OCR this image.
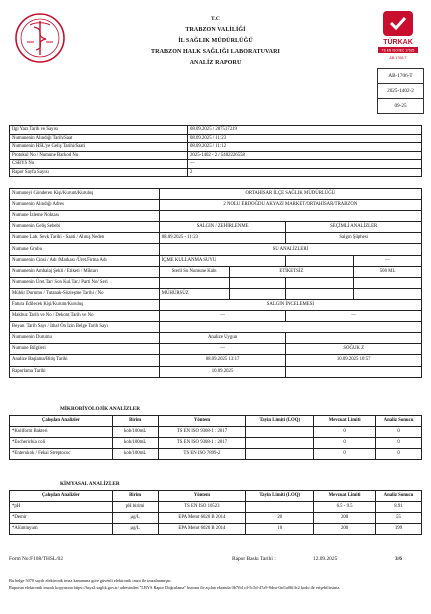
T.C
TRABZON VALİLİĞİ
İL SAĞLIK MÜDÜRLÜĞÜ
TRABZON HALK SAĞLIĞI LABORATUVARI
ANALİZ RAPORU
TÜRKAK
TS EN ISO/IEC 17025
AB-1706-T
AB-1706-T
2025-1402-2
09-25
İlgi Yazı Tarih ve Sayısı	08.09.2025 / 287517219
Numunenin Alındığı Tarih/Saat	08.09.2025 / 11:23
Numunenin HSL'ye Geliş Tarihi/Saati	08.09.2025 / 11:12
Protokol No / Numune Barkod No	2025-1402 - 2 / 5402226558
CSBYS No	—
Rapor Sayfa Sayısı	2
Numuneyi Gönderen Kişi/Kurum/Kuruluş	ORTAHİSAR İLÇE SAĞLIK MÜDÜRLÜĞÜ			
Numunenin Alındığı Adres	2 NOLU ERDOĞDU AKYAZI MARKET/ORTAHİSAR/TRABZON			
Numune İzleme Noktası				
Numunenin Geliş Sebebi	SALGIN / ZEHİRLENME		SEÇİMLİ ANALİZLER	
Numune Lab. Sevk Tarihi - Saati / Alınış Neden	08.09.2025 - 11:23		Salgın Şüphesi	
Numune Grubu	SU ANALİZLERİ			
Numunenin Cinsi / Adı /Markası /Üret.Firma Adı	İÇME KULLANMA SUYU			—
Numunenin Ambalaj Şekli / Etiketi / Miktarı	Steril Su Numune Kabı	ETİKETSİZ		500 ML
Numunenin Üret.Tar/ Son Kul.Tar./ Parti No/ Seri				
Mühür Durumu / Tutanak-Sözleşme Tarihi / No	MÜHÜRSÜZ			
Fatura Edilecek Kişi/Kurum/Kuruluş	SALGIN İNCELEMESİ			
Makbuz Tarih ve No / Dekont Tarih ve No	—		—	
Beyan. Tarih Sayı / İthal Ön İzin Belge Tarih Sayı				
Numunenin Durumu	Analize Uygun			
Numune Bilgileri	—		SOĞUK Z	
Analize Başlama/Bitiş Tarihi	08.09.2025 13:17		10.09.2025 10:57	
Raporlama Tarihi	10.09.2025			
MİKROBİYOLOJİK ANALİZLER
Çalışılan Analizler	Birim	Yöntem	Tayin Limiti (LOQ)	Mevzuat Limiti	Analiz Sonucu
*Koliform Bakteri	kob/100mL	TS EN ISO 9308-1 : 2017		0	0
*Escherichia coli	kob/100mL	TS EN ISO 9308-1 : 2017		0	0
*Enterokok / Fekal Streptococ	kob/100mL	TS EN ISO 7899-2		0	0
KİMYASAL ANALİZLER
Çalışılan Analizler	Birim	Yöntem	Tayin Limiti (LOQ)	Mevzuat Limiti	Analiz Sonucu
*pH	pH birimi	TS EN ISO 10523		6.5 - 9.5	8.91
*Demir	µg/L	EPA Metot 6020 B 2014	20	200	55
*Alüminyum	µg/L	EPA Metot 6020 B 2014	10	200	199
Form No:F108/THSL/02	Rapor Baskı Tarihi :	12.09.2025	3/6
Bu belge 5070 sayılı elektronik imza kanununa göre güvenli elektronik imza ile imzalanmıştır.
Raporun elektronik imzalı kopyasına https://hsys2.saglik.gov.tr/ adresinden "LBYS Rapor Doğrulama" butonu ile açılan ekranda 0b7fb1c4-5c5d-47a9-9dea-0af1a06f4c2 kodu ile erişebilirsiniz.
